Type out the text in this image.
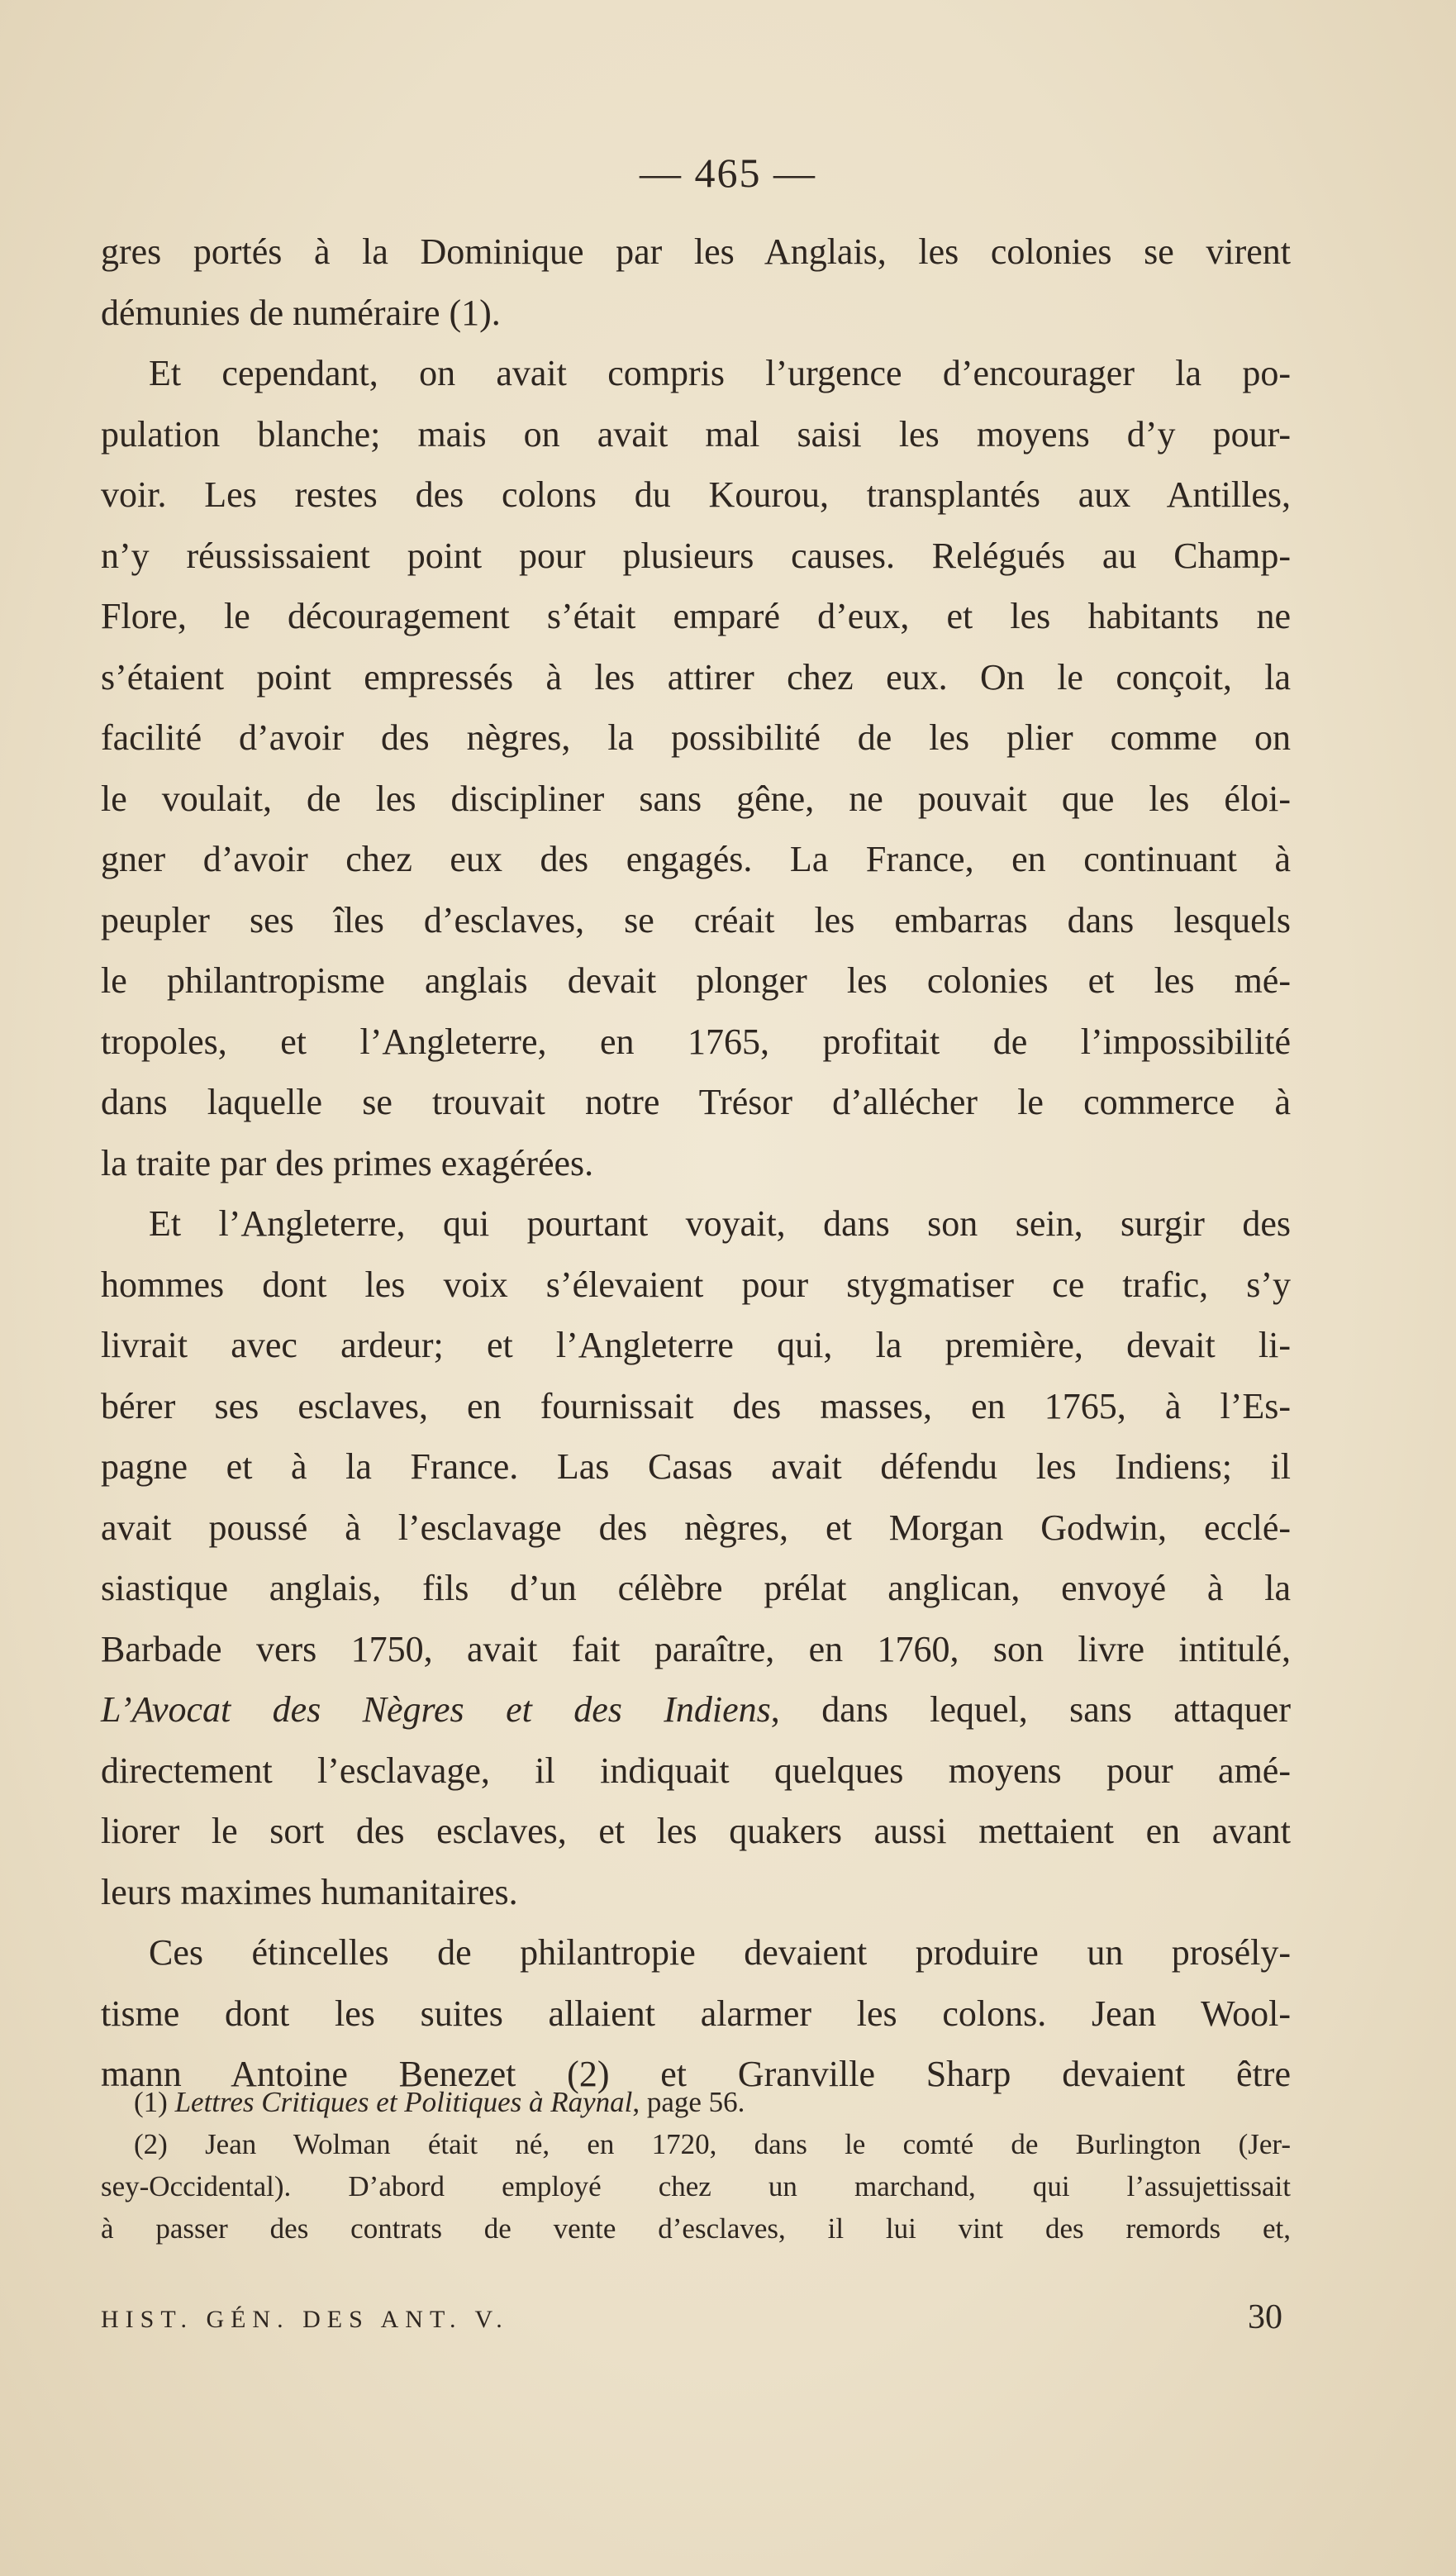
— 465 —
gres portés à la Dominique par les Anglais, les colonies se virent
démunies de numéraire (1).
Et cependant, on avait compris l’urgence d’encourager la po-
pulation blanche; mais on avait mal saisi les moyens d’y pour-
voir. Les restes des colons du Kourou, transplantés aux Antilles,
n’y réussissaient point pour plusieurs causes. Relégués au Champ-
Flore, le découragement s’était emparé d’eux, et les habitants ne
s’étaient point empressés à les attirer chez eux. On le conçoit, la
facilité d’avoir des nègres, la possibilité de les plier comme on
le voulait, de les discipliner sans gêne, ne pouvait que les éloi-
gner d’avoir chez eux des engagés. La France, en continuant à
peupler ses îles d’esclaves, se créait les embarras dans lesquels
le philantropisme anglais devait plonger les colonies et les mé-
tropoles, et l’Angleterre, en 1765, profitait de l’impossibilité
dans laquelle se trouvait notre Trésor d’allécher le commerce à
la traite par des primes exagérées.
Et l’Angleterre, qui pourtant voyait, dans son sein, surgir des
hommes dont les voix s’élevaient pour stygmatiser ce trafic, s’y
livrait avec ardeur; et l’Angleterre qui, la première, devait li-
bérer ses esclaves, en fournissait des masses, en 1765, à l’Es-
pagne et à la France. Las Casas avait défendu les Indiens; il
avait poussé à l’esclavage des nègres, et Morgan Godwin, ecclé-
siastique anglais, fils d’un célèbre prélat anglican, envoyé à la
Barbade vers 1750, avait fait paraître, en 1760, son livre intitulé,
L’Avocat des Nègres et des Indiens, dans lequel, sans attaquer
directement l’esclavage, il indiquait quelques moyens pour amé-
liorer le sort des esclaves, et les quakers aussi mettaient en avant
leurs maximes humanitaires.
Ces étincelles de philantropie devaient produire un prosély-
tisme dont les suites allaient alarmer les colons. Jean Wool-
mann Antoine Benezet (2) et Granville Sharp devaient être
(1) Lettres Critiques et Politiques à Raynal, page 56.
(2) Jean Wolman était né, en 1720, dans le comté de Burlington (Jer-
sey-Occidental). D’abord employé chez un marchand, qui l’assujettissait
à passer des contrats de vente d’esclaves, il lui vint des remords et,
HIST. GÉN. DES ANT. V.	30
